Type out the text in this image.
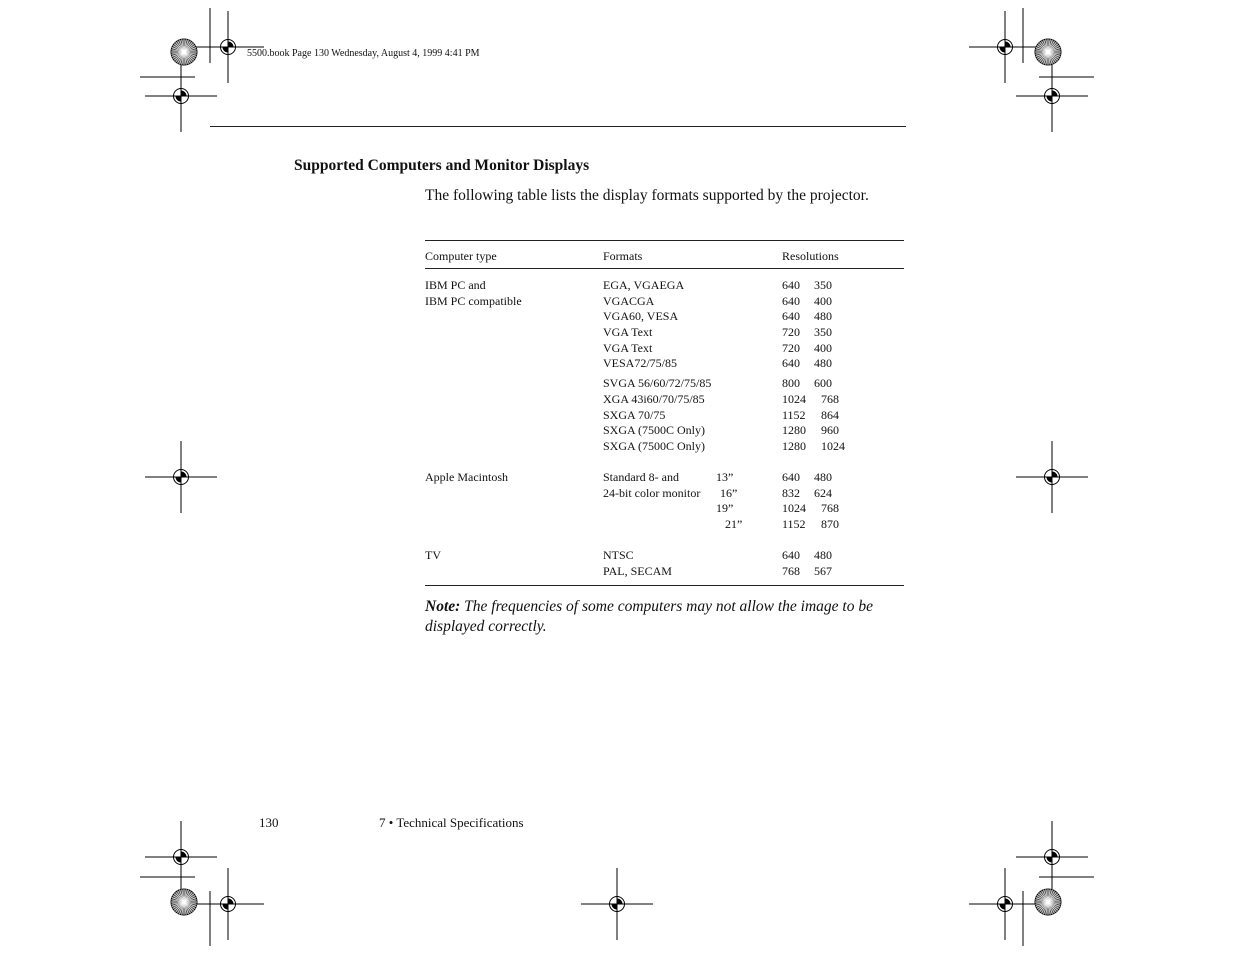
5500.book Page 130 Wednesday, August 4, 1999 4:41 PM
Supported Computers and Monitor Displays
The following table lists the display formats supported by the projector.
Computer type	Formats	Resolutions
IBM PC and
IBM PC compatible
EGA, VGAEGA	640 350
VGACGA	640 400
VGA60, VESA	640 480
VGA Text	720 350
VGA Text	720 400
VESA72/75/85	640 480
SVGA 56/60/72/75/85	800 600
XGA 43i60/70/75/85	1024 768
SXGA 70/75	1152 864
SXGA (7500C Only)	1280 960
SXGA (7500C Only)	1280 1024
Apple Macintosh	Standard 8- and	13”	640 480
24-bit color monitor 16”	832 624
19”	1024 768
21”	1152 870
TV	NTSC	640 480
PAL, SECAM	768 567
Note: The frequencies of some computers may not allow the image to be displayed correctly.
130	7 • Technical Specifications
